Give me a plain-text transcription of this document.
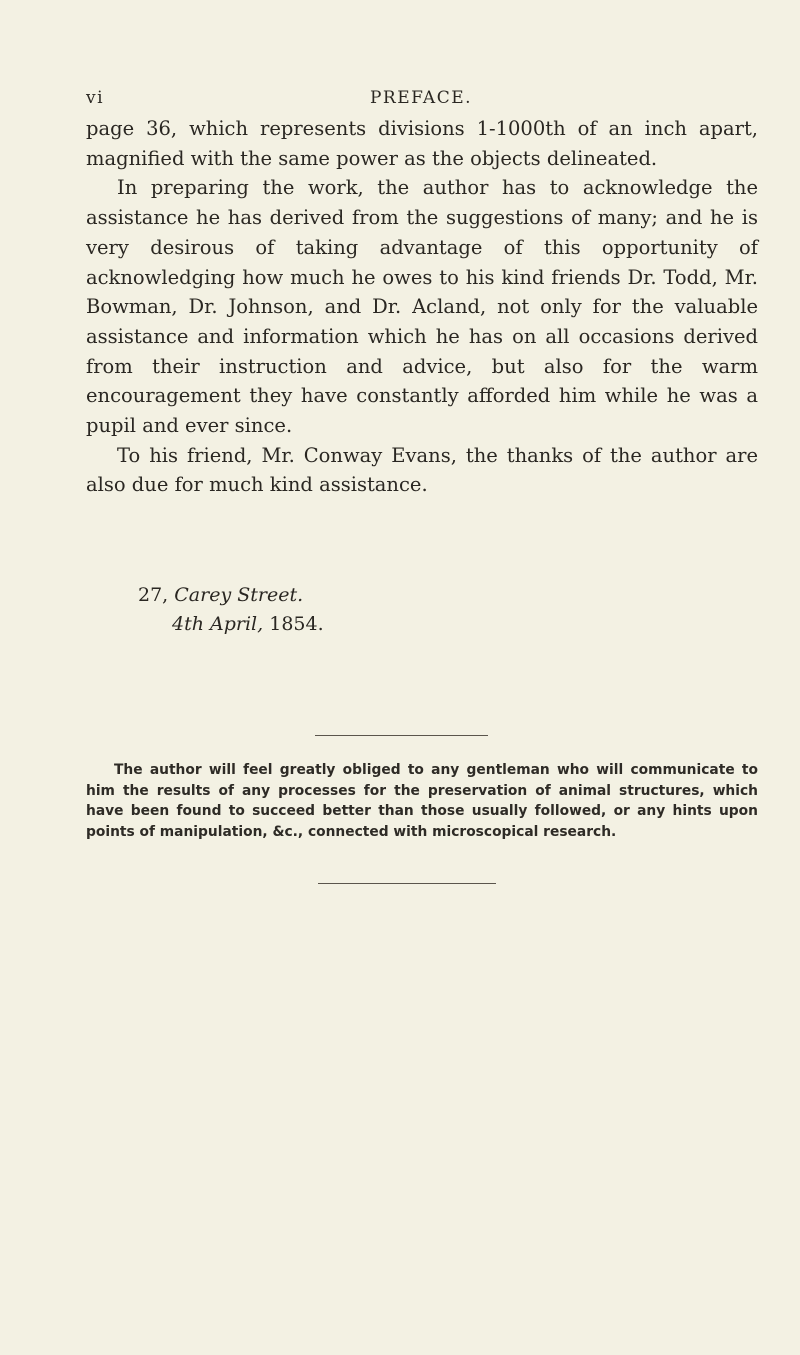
vi	PREFACE.

page 36, which represents divisions 1-1000th of an inch apart, magnified with the same power as the objects delineated.

In preparing the work, the author has to acknowledge the assistance he has derived from the suggestions of many; and he is very desirous of taking advantage of this opportunity of acknowledging how much he owes to his kind friends Dr. Todd, Mr. Bowman, Dr. Johnson, and Dr. Acland, not only for the valuable assistance and information which he has on all occasions derived from their instruction and advice, but also for the warm encouragement they have constantly afforded him while he was a pupil and ever since.

To his friend, Mr. Conway Evans, the thanks of the author are also due for much kind assistance.

27, Carey Street.
4th April, 1854.
The author will feel greatly obliged to any gentleman who will communicate to him the results of any processes for the preservation of animal structures, which have been found to succeed better than those usually followed, or any hints upon points of manipulation, &c., connected with microscopical research.
